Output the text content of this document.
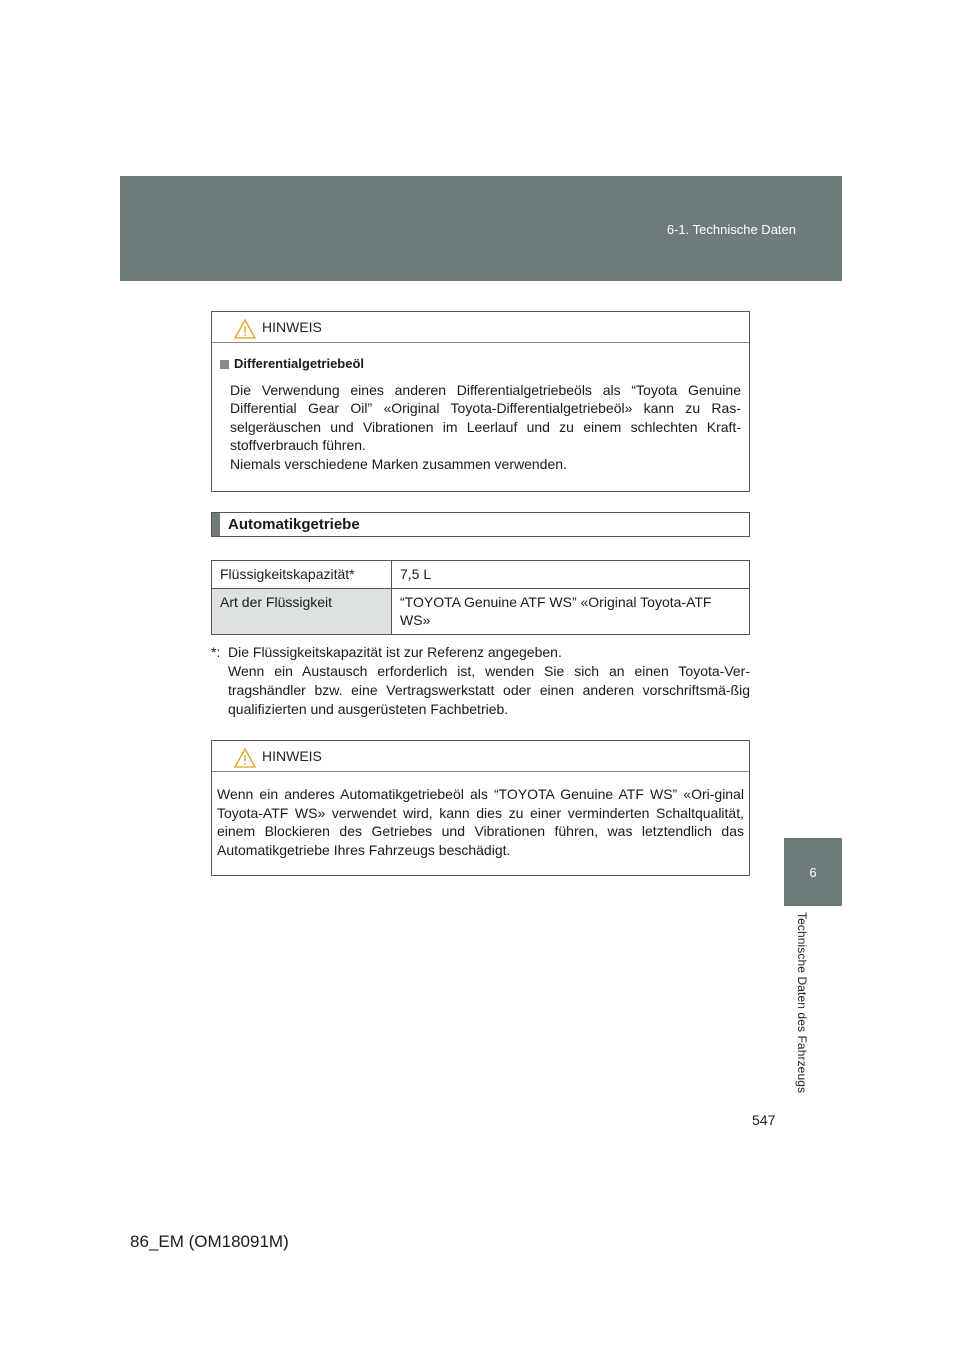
6-1. Technische Daten
HINWEIS
Differentialgetriebeöl
Die Verwendung eines anderen Differentialgetriebeöls als “Toyota Genuine Differential Gear Oil” «Original Toyota-Differentialgetriebeöl» kann zu Ras-selgeräuschen und Vibrationen im Leerlauf und zu einem schlechten Kraft-stoffverbrauch führen.
Niemals verschiedene Marken zusammen verwenden.
Automatikgetriebe
Flüssigkeitskapazität*	7,5 L
Art der Flüssigkeit	“TOYOTA Genuine ATF WS” «Original Toyota-ATF WS»
*: Die Flüssigkeitskapazität ist zur Referenz angegeben.
Wenn ein Austausch erforderlich ist, wenden Sie sich an einen Toyota-Ver-tragshändler bzw. eine Vertragswerkstatt oder einen anderen vorschriftsmä-ßig qualifizierten und ausgerüsteten Fachbetrieb.
HINWEIS
Wenn ein anderes Automatikgetriebeöl als “TOYOTA Genuine ATF WS” «Ori-ginal Toyota-ATF WS» verwendet wird, kann dies zu einer verminderten Schaltqualität, einem Blockieren des Getriebes und Vibrationen führen, was letztendlich das Automatikgetriebe Ihres Fahrzeugs beschädigt.
6
Technische Daten des Fahrzeugs
547
86_EM (OM18091M)
